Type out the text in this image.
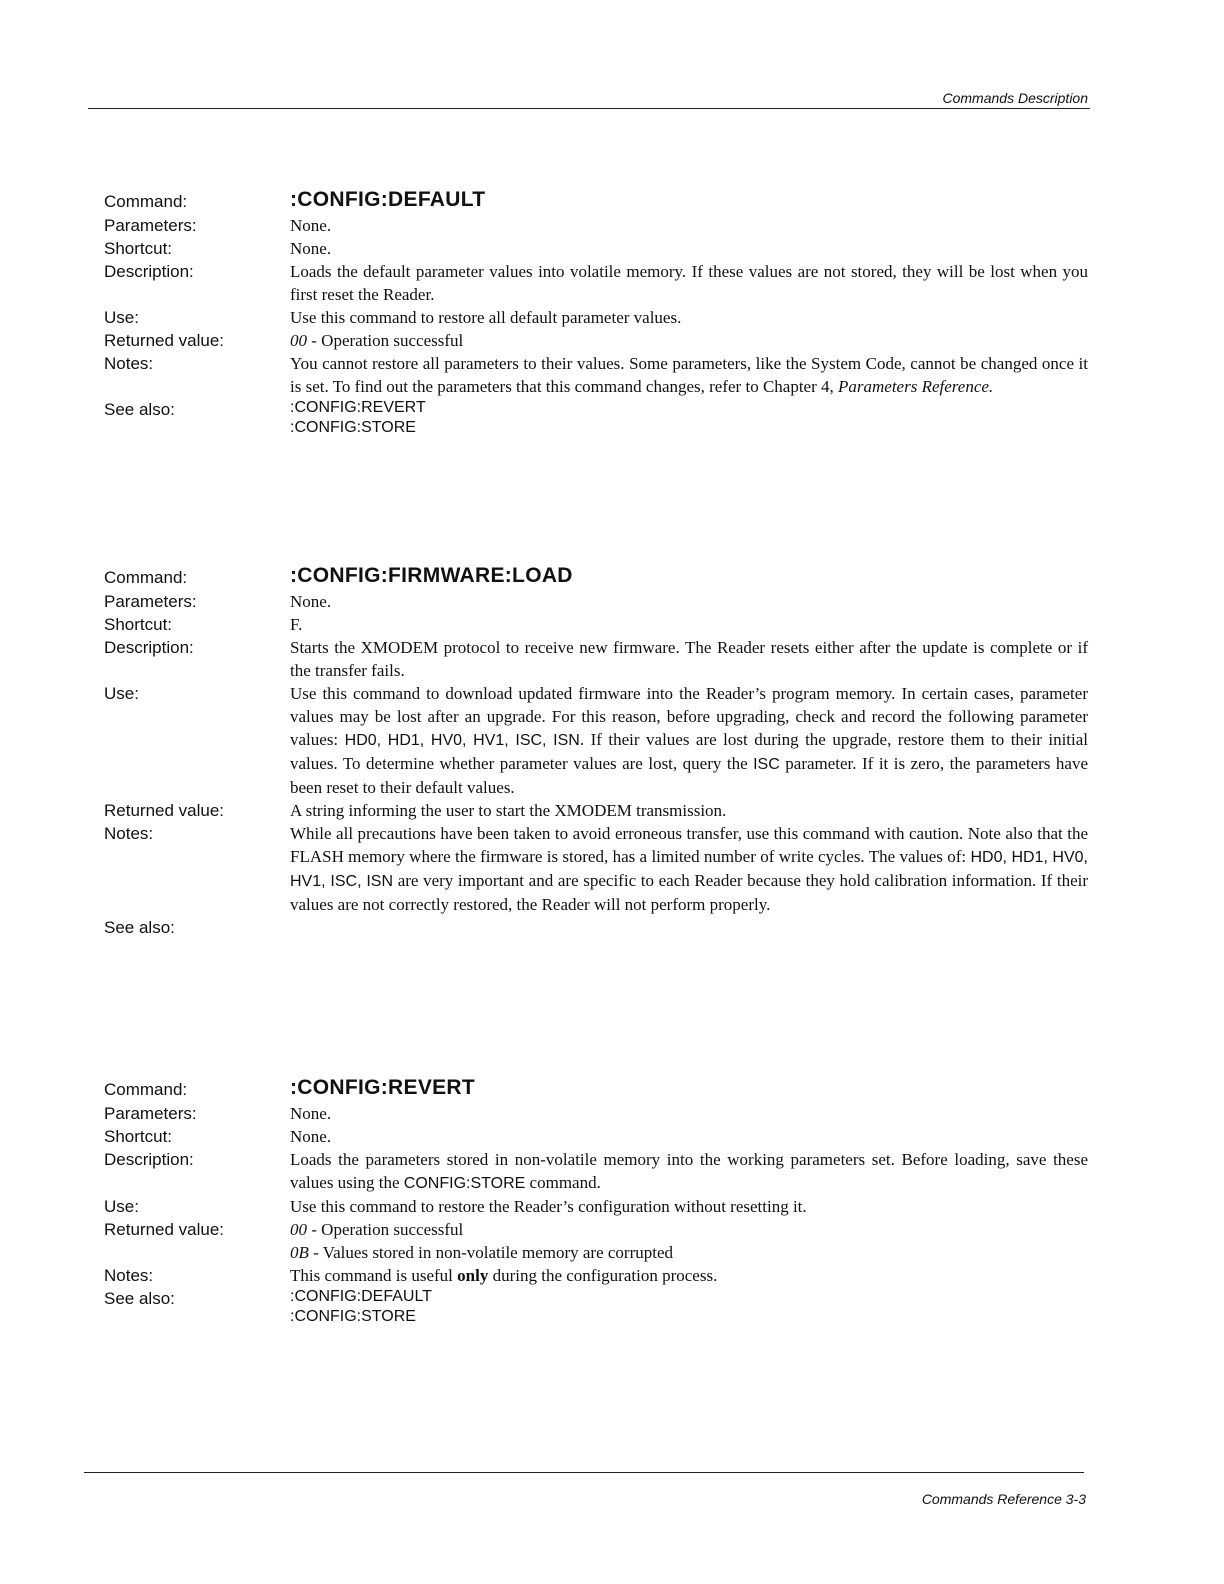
Commands Description
Command:	:CONFIG:DEFAULT
Parameters:	None.
Shortcut:	None.
Description:	Loads the default parameter values into volatile memory. If these values are not stored, they will be lost when you first reset the Reader.
Use:	Use this command to restore all default parameter values.
Returned value:	00 - Operation successful
Notes:	You cannot restore all parameters to their values. Some parameters, like the System Code, cannot be changed once it is set. To find out the parameters that this command changes, refer to Chapter 4, Parameters Reference.
See also:	:CONFIG:REVERT
:CONFIG:STORE
Command:	:CONFIG:FIRMWARE:LOAD
Parameters:	None.
Shortcut:	F.
Description:	Starts the XMODEM protocol to receive new firmware. The Reader resets either after the update is complete or if the transfer fails.
Use:	Use this command to download updated firmware into the Reader’s program memory. In certain cases, parameter values may be lost after an upgrade. For this reason, before upgrading, check and record the following parameter values: HD0, HD1, HV0, HV1, ISC, ISN. If their values are lost during the upgrade, restore them to their initial values. To determine whether parameter values are lost, query the ISC parameter. If it is zero, the parameters have been reset to their default values.
Returned value:	A string informing the user to start the XMODEM transmission.
Notes:	While all precautions have been taken to avoid erroneous transfer, use this command with caution. Note also that the FLASH memory where the firmware is stored, has a limited number of write cycles. The values of: HD0, HD1, HV0, HV1, ISC, ISN are very important and are specific to each Reader because they hold calibration information. If their values are not correctly restored, the Reader will not perform properly.
See also:
Command:	:CONFIG:REVERT
Parameters:	None.
Shortcut:	None.
Description:	Loads the parameters stored in non-volatile memory into the working parameters set. Before loading, save these values using the CONFIG:STORE command.
Use:	Use this command to restore the Reader’s configuration without resetting it.
Returned value:	00 - Operation successful
0B - Values stored in non-volatile memory are corrupted
Notes:	This command is useful only during the configuration process.
See also:	:CONFIG:DEFAULT
:CONFIG:STORE
Commands Reference 3-3
